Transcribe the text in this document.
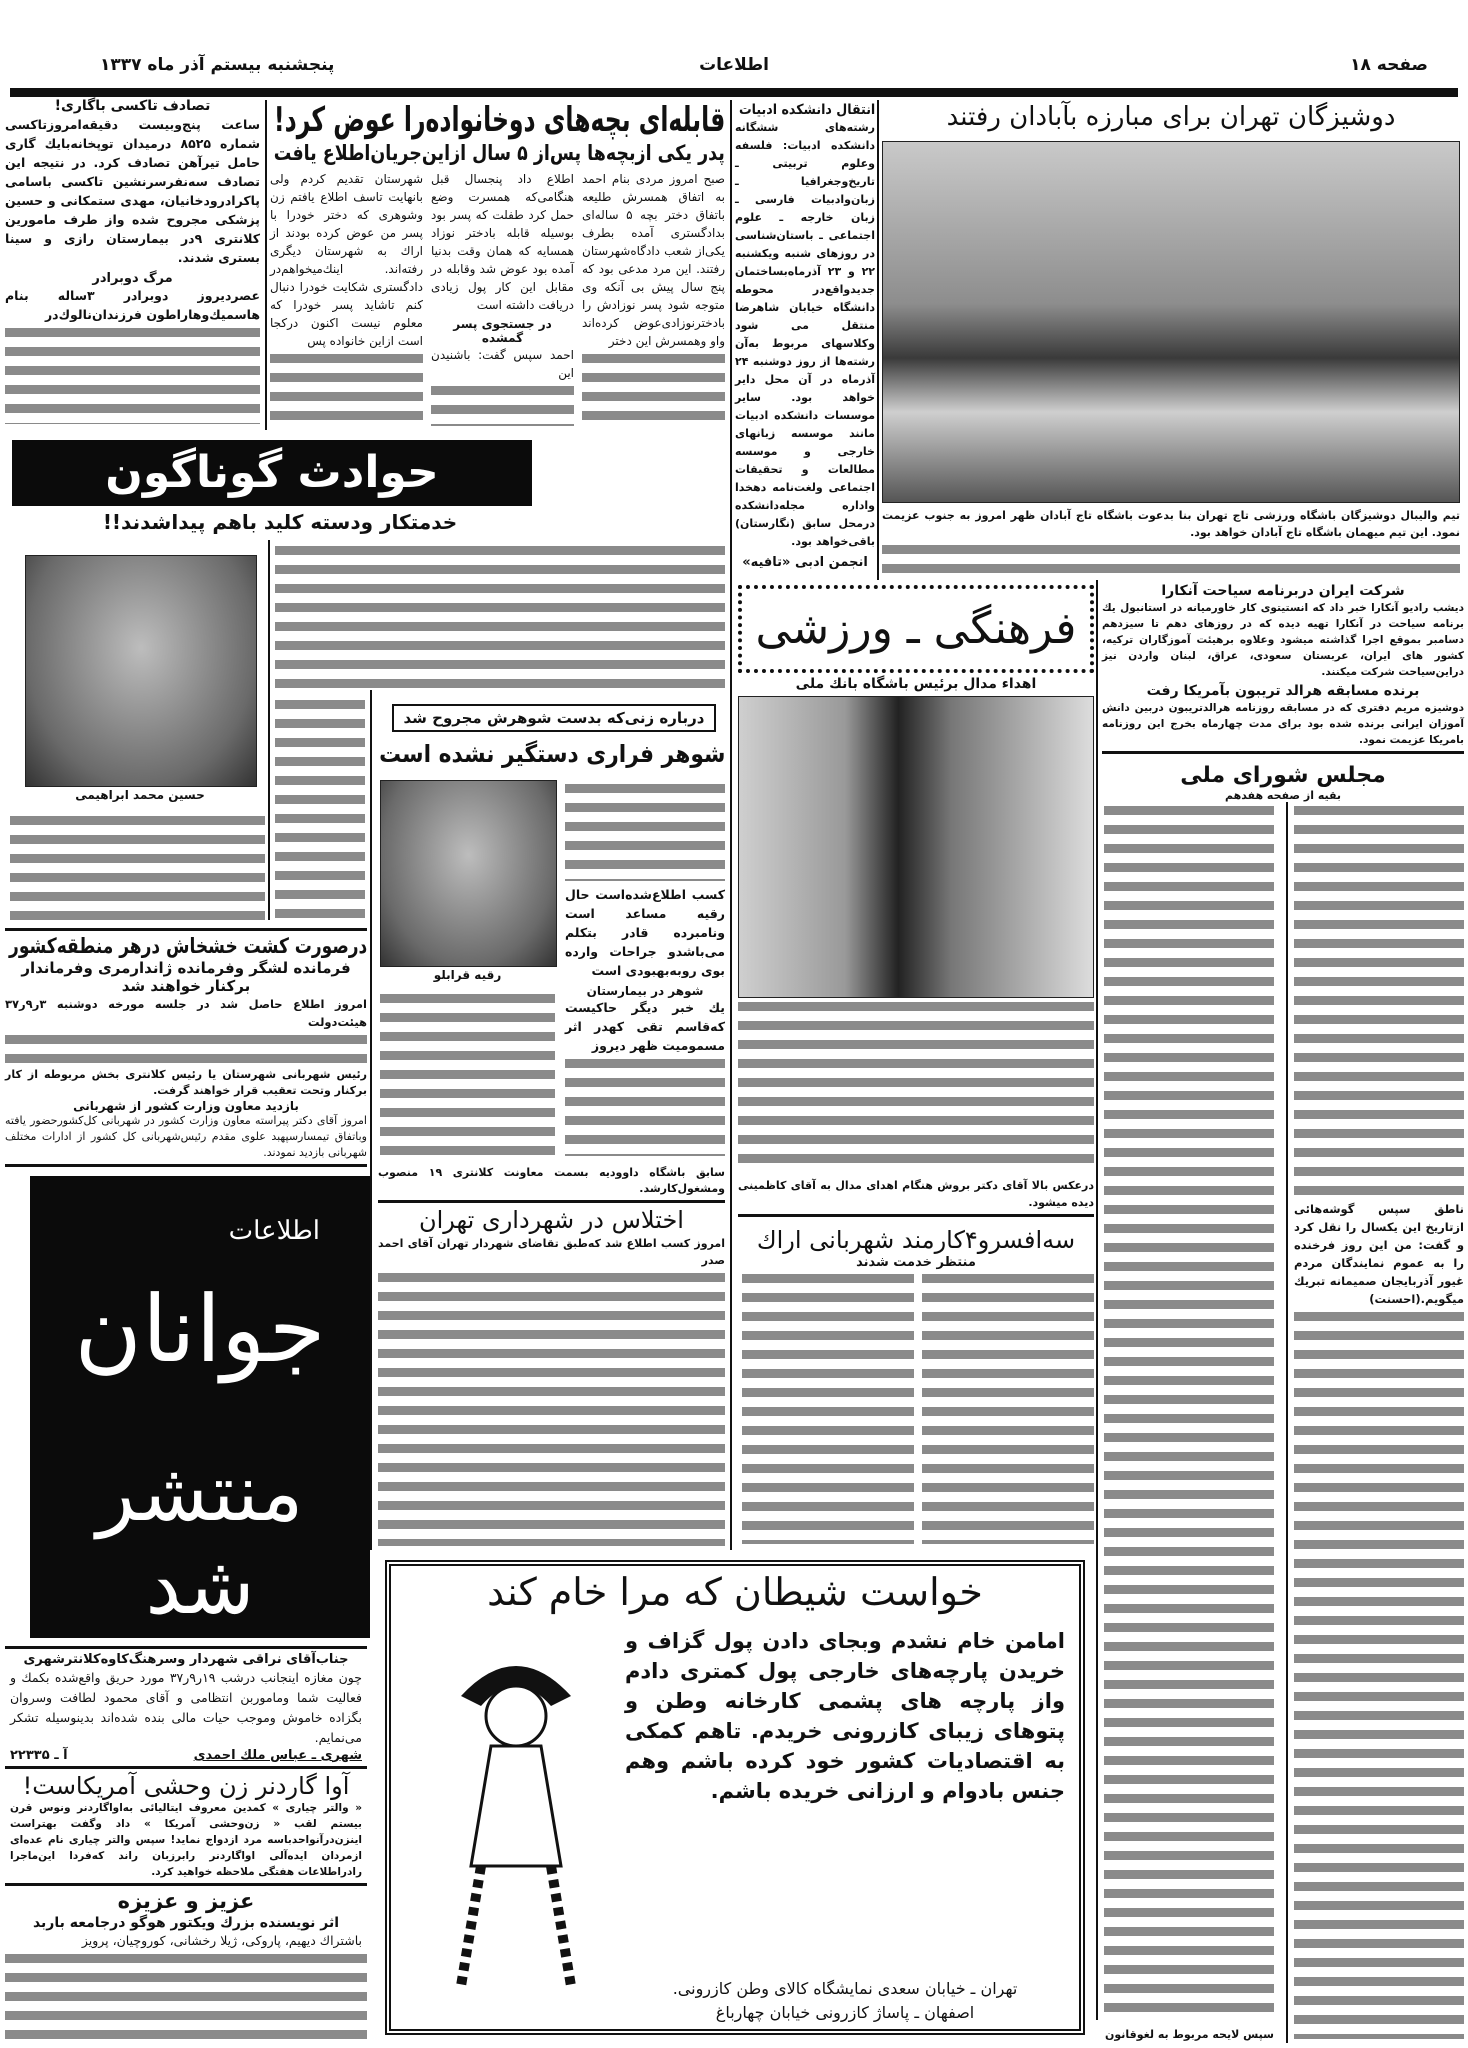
صفحه ۱۸
اطلاعات
پنجشنبه بیستم آذر ماه ۱۳۳۷
دوشیزگان تهران برای مبارزه بآبادان رفتند
تیم والیبال دوشیزگان باشگاه ورزشی تاج تهران بنا بدعوت باشگاه تاج آبادان ظهر امروز به جنوب عزیمت نمود. این تیم میهمان باشگاه تاج آبادان خواهد بود.
انتقال دانشکده ادبیات
رشته‌های ششگانه دانشکده ادبیات: فلسفه وعلوم تربیتی ـ تاریخ‌وجغرافیا ـ زبان‌وادبیات فارسی ـ زبان خارجه ـ علوم اجتماعی ـ باستان‌شناسی در روزهای شنبه ویکشنبه ۲۲ و ۲۳ آذرماه‌بساختمان جدیدواقع‌در محوطه دانشگاه خیابان شاهرضا منتقل می شود وکلاسهای مربوط به‌آن رشته‌ها از روز دوشنبه ۲۴ آذرماه در آن محل دایر خواهد بود. سایر موسسات دانشکده ادبیات مانند موسسه زبانهای خارجی و موسسه مطالعات و تحقیقات اجتماعی ولغت‌نامه دهخدا واداره مجله‌دانشکده درمحل سابق (نگارستان) باقی‌خواهد بود.
انجمن ادبی «تافیه»
تصادف تاکسی باگاری!
ساعت پنج‌وبیست دقیقه‌امروزتاکسی شماره ۸۵۲۵ درمیدان توپخانه‌بایك گاری حامل تیرآهن تصادف کرد. در نتیجه این تصادف سه‌نفرسرنشین تاکسی باسامی پاکرادرودخانیان، مهدی ستمکانی و حسین پزشکی مجروح شده واز طرف مامورین کلانتری ۹در بیمارستان رازی و سینا بستری شدند.
مرگ دوبرادر
عصردیروز دوبرادر ۳ساله بنام هاسمیك‌وهاراطون فرزندان‌نالوك‌در
قابله‌ای بچه‌های دوخانواده‌را عوض کرد!
پدر یکی ازبچه‌ها پس‌از ۵ سال ازاین‌جریان‌اطلاع یافت
صبح امروز مردی بنام احمد به اتفاق همسرش طلیعه باتفاق دختر بچه ۵ ساله‌ای بدادگستری آمده بطرف یکی‌از شعب دادگاه‌شهرستان رفتند. این مرد مدعی بود که پنج سال پیش بی آنکه وی متوجه شود پسر نوزادش را بادختر‌نوزادی‌عوض کرده‌اند واو وهمسرش این دختر
اطلاع داد پنجسال قبل هنگامی‌که همسرت وضع حمل کرد طفلت که پسر بود بوسیله قابله بادختر نوزاد همسایه که همان وقت بدنیا آمده بود عوض شد وقابله در مقابل این کار پول زیادی دریافت داشته است
در جستجوی پسر گمشده
احمد سپس گفت: باشنیدن این
شهرستان تقدیم کردم ولی بانهایت تاسف اطلاع یافتم زن وشوهری که دختر خودرا با پسر من عوض کرده بودند از اراك به شهرستان دیگری رفته‌اند. اینك‌میخواهم‌در دادگستری شکایت خودرا دنبال کنم تاشاید پسر خودرا که معلوم نیست اکنون درکجا است ازاین خانواده پس
حوادث گوناگون
خدمتکار ودسته کلید باهم پیداشدند!!
حسین محمد ابراهیمی
درباره زنی‌که بدست شوهرش مجروح شد
شوهر فراری دستگیر نشده است
رقیه قرابلو
کسب اطلاع‌شده‌است حال رقیه مساعد است ونامبرده قادر بتکلم می‌باشدو جراحات وارده بوی روبه‌بهبودی است
شوهر در بیمارستان
یك خبر دیگر حاکیست که‌قاسم تقی کهدر اثر مسمومیت ظهر دیروز
سابق باشگاه داوودیه بسمت معاونت کلانتری ۱۹ منصوب ومشغول‌کارشد.
اختلاس در شهرداری تهران
امروز کسب اطلاع شد که‌طبق تقاضای شهردار تهران آقای احمد صدر
درصورت کشت خشخاش درهر منطقه‌کشور
فرمانده لشگر وفرمانده ژاندارمری وفرماندار برکنار خواهند شد
امروز اطلاع حاصل شد در جلسه مورخه دوشنبه ۳ر۹ر۳۷ هیئت‌دولت
رئیس شهربانی شهرستان یا رئیس کلانتری بخش مربوطه از کار برکنار وتحت تعقیب قرار خواهند گرفت.
بازدید معاون وزارت کشور از شهربانی
امروز آقای دکتر پیراسته معاون وزارت کشور در شهربانی کل‌کشورحضور یافته وباتفاق تیمسارسپهبد علوی مقدم رئیس‌شهربانی کل کشور از ادارات مختلف شهربانی بازدید نمودند.
اطلاعات
جوانان
منتشر شد
جناب‌آقای نراقی شهردار وسرهنگ‌کاوه‌کلانترشهری
چون مغازه اینجانب درشب ۱۹ر۹ر۳۷ مورد حریق واقع‌شده بکمك و فعالیت شما وماموربن انتظامی و آقای محمود لطافت وسروان بگزاده خاموش وموجب حیات مالی بنده شده‌اند بدینوسیله تشکر می‌نمایم.
شهری ـ عباس ملك احمدی
آ ـ ۲۲۳۳۵
آوا گاردنر زن وحشی آمریکاست!
« والتر چیاری » کمدین معروف ایتالیائی به‌اواگاردنر ونوس قرن بیستم لقب « زن‌وحشی آمریکا » داد وگفت بهتراست اینزن‌درآنواحدباسه مرد ازدواج نماید! سپس والتر چیاری نام عده‌ای ازمردان ایده‌آلی اواگاردنر رابرزبان راند که‌فردا این‌ماجرا رادراطلاعات هفتگی ملاحظه خواهید کرد.
عزیز و عزیزه
اثر نویسنده بزرك ویکتور هوگو درجامعه باربد
باشتراك دیهیم، پاروکی، ژیلا رخشانی، کوروچیان، پرویز
فرهنگی ـ ورزشی
اهداء مدال برئیس باشگاه بانك ملی
درعکس بالا آقای دکتر بروش هنگام اهدای مدال به آقای کاظمینی دیده میشود.
سه‌افسرو۴کارمند شهربانی اراك
منتظر خدمت شدند
خواست شیطان که مرا خام کند
امامن خام نشدم وبجای دادن پول گزاف و خریدن پارچه‌های خارجی پول کمتری دادم واز پارچه های پشمی کارخانه وطن و پتوهای زیبای کازرونی خریدم. تاهم کمکی به اقتصادیات کشور خود کرده باشم وهم جنس بادوام و ارزانی خریده باشم.
تهران ـ خیابان سعدی نمایشگاه کالای وطن کازرونی.
اصفهان ـ پاساژ کازرونی خیابان چهارباغ
شرکت ایران دربرنامه سیاحت آنکارا
دیشب رادیو آنکارا خبر داد که انستیتوی کار خاورمیانه در استانبول یك برنامه سیاحت در آنکارا تهیه دیده که در روزهای دهم تا سیزدهم دسامبر بموقع اجرا گذاشته میشود وعلاوه برهیئت آموزگاران ترکیه، کشور های ایران، عربستان سعودی، عراق، لبنان واردن نیز دراین‌سیاحت شرکت میکنند.
برنده مسابقه هرالد تریبون بآمریکا رفت
دوشیزه مریم دفتری که در مسابقه روزنامه هرالدتریبون دربین دانش آموزان ایرانی برنده شده بود برای مدت چهارماه بخرج این روزنامه بامریکا عزیمت نمود.
مجلس شورای ملی
بقیه از صفحه هفدهم
ناطق سپس گوشه‌هائی ازتاریخ این یکسال را نقل کرد و گفت: من این روز فرخنده را به عموم نمایندگان مردم غیور آذربایجان صمیمانه تبریك میگویم.(احسنت)
سپس لایحه مربوط به لغوقانون
